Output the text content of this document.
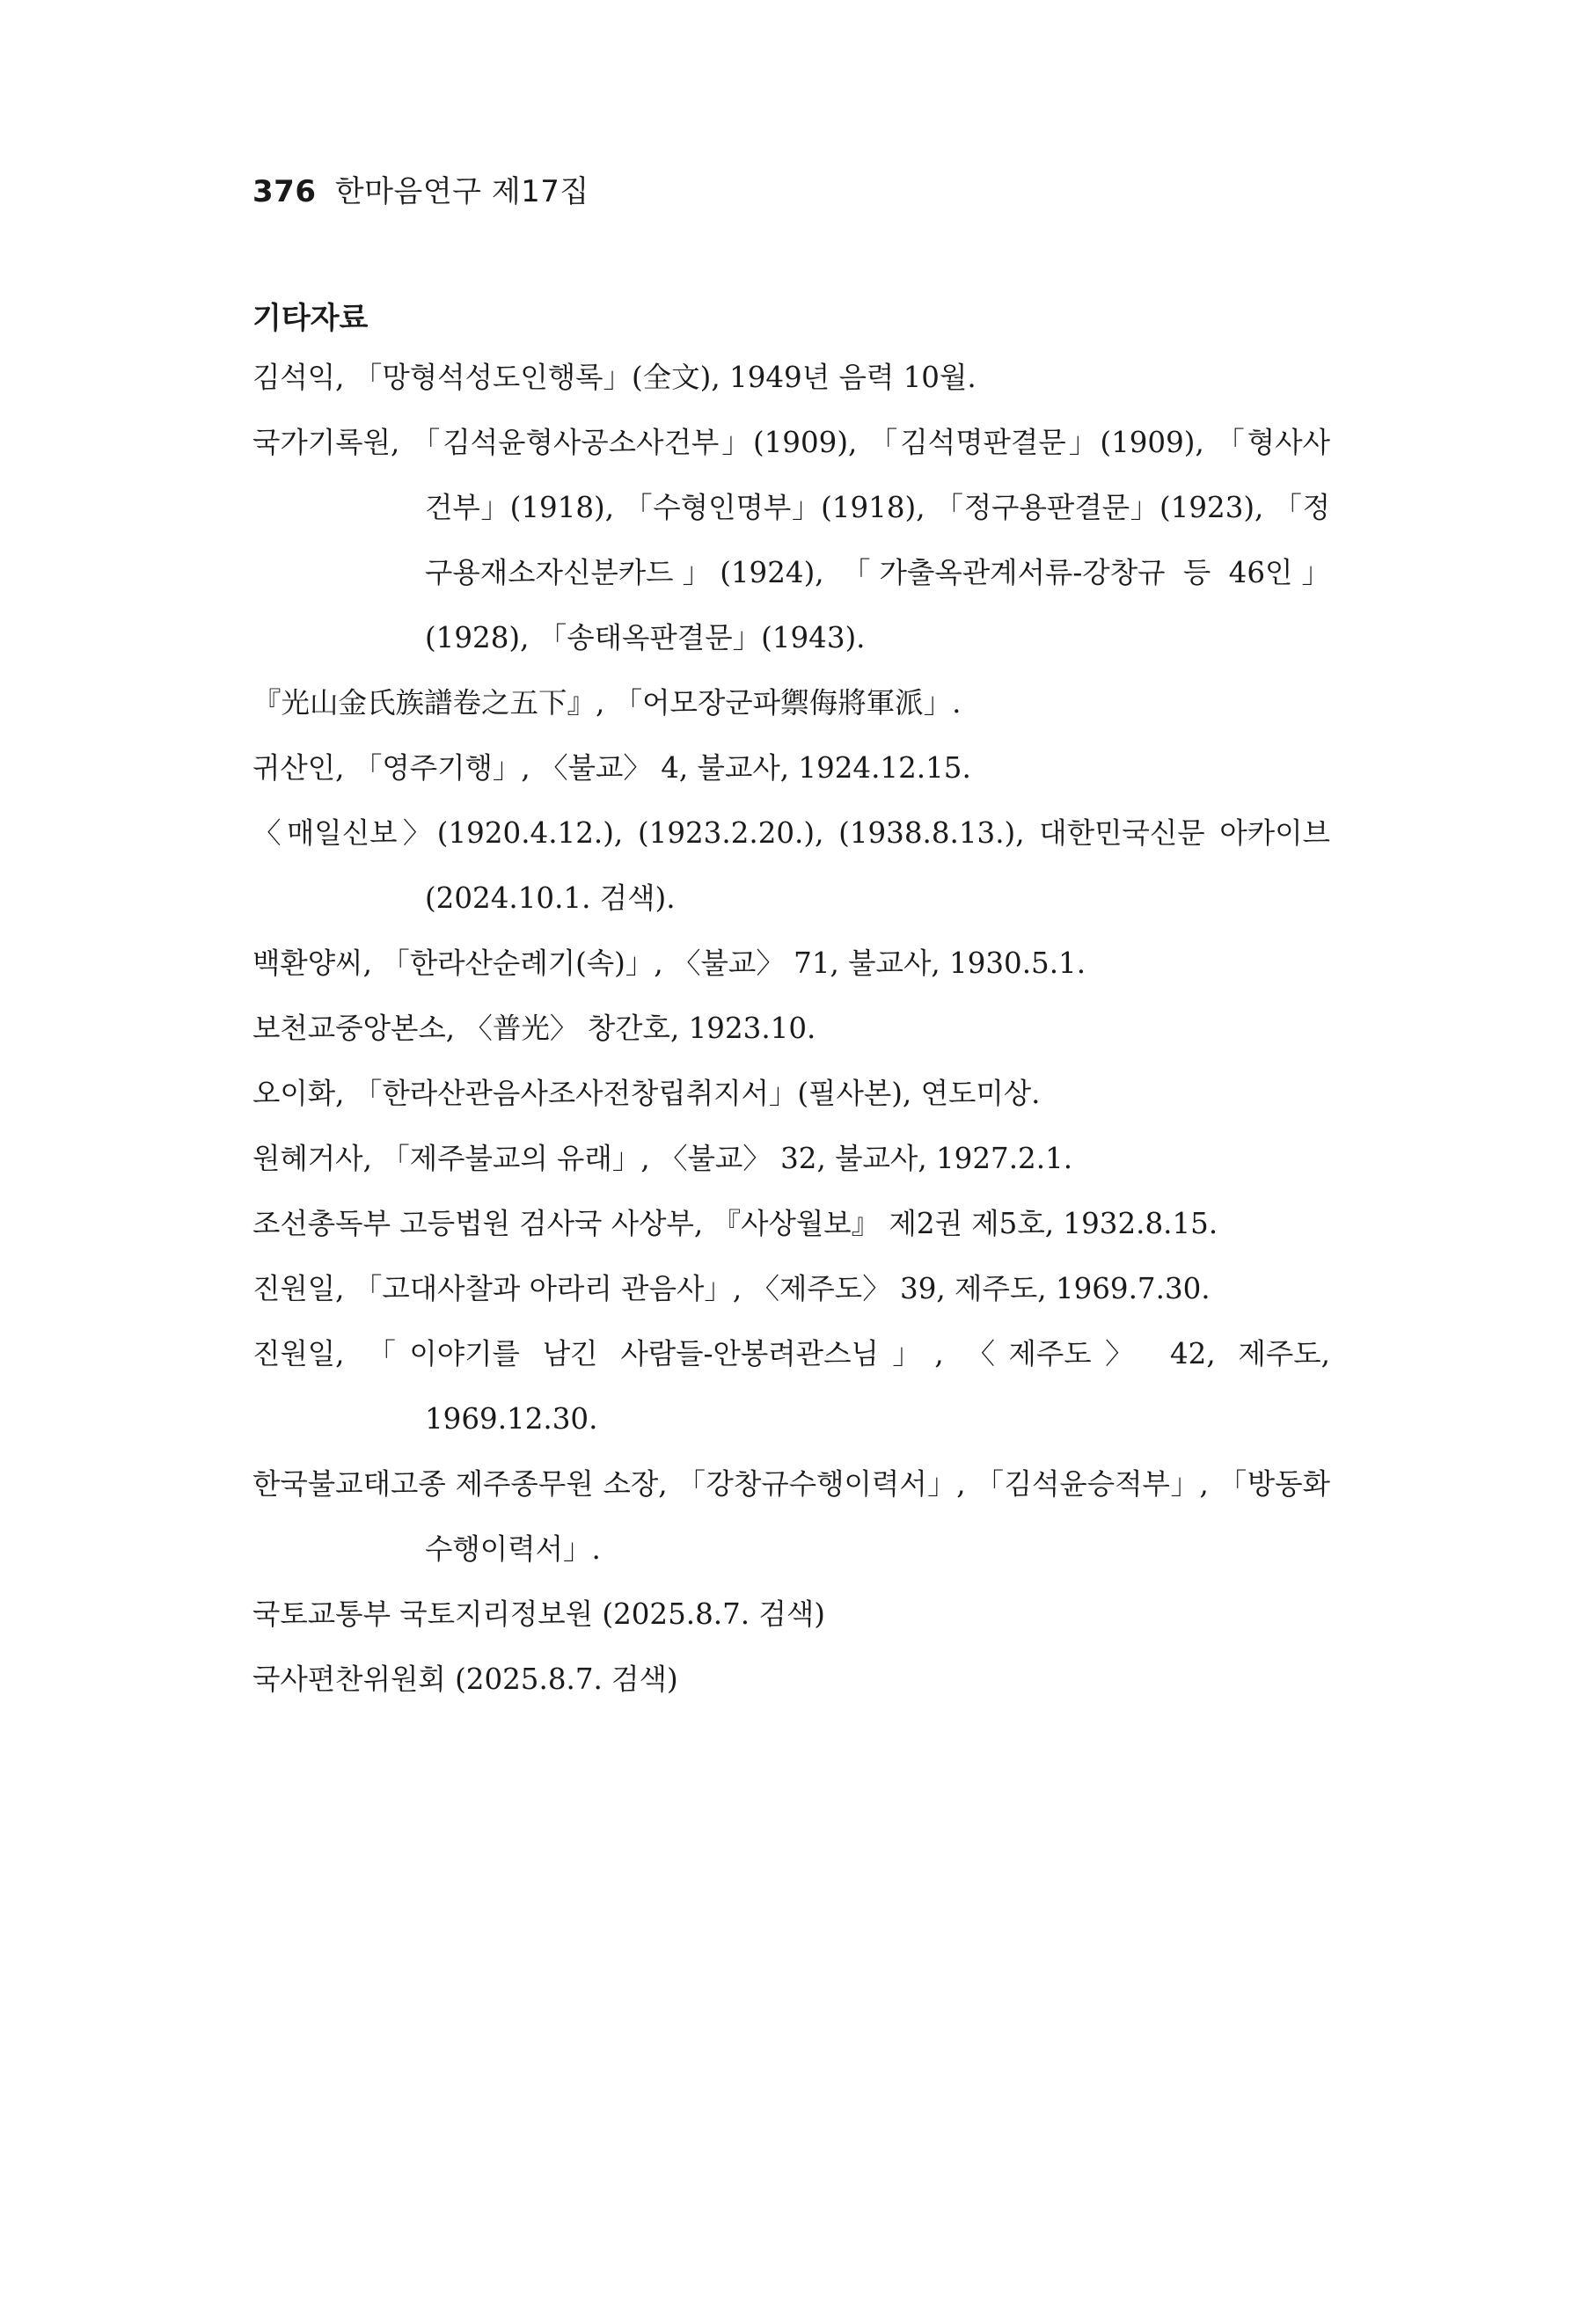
376 한마음연구 제17집
기타자료
김석익, 「망형석성도인행록」(全文), 1949년 음력 10월.
국가기록원, 「김석윤형사공소사건부」(1909), 「김석명판결문」(1909), 「형사사건부」(1918), 「수형인명부」(1918), 「정구용판결문」(1923), 「정구용재소자신분카드」(1924), 「가출옥관계서류-강창규 등 46인」(1928), 「송태옥판결문」(1943).
『光山金氏族譜卷之五下』, 「어모장군파禦侮將軍派」.
귀산인, 「영주기행」, 〈불교〉 4, 불교사, 1924.12.15.
〈매일신보〉(1920.4.12.), (1923.2.20.), (1938.8.13.), 대한민국신문 아카이브 (2024.10.1. 검색).
백환양씨, 「한라산순례기(속)」, 〈불교〉 71, 불교사, 1930.5.1.
보천교중앙본소, 〈普光〉 창간호, 1923.10.
오이화, 「한라산관음사조사전창립취지서」(필사본), 연도미상.
원혜거사, 「제주불교의 유래」, 〈불교〉 32, 불교사, 1927.2.1.
조선총독부 고등법원 검사국 사상부, 『사상월보』 제2권 제5호, 1932.8.15.
진원일, 「고대사찰과 아라리 관음사」, 〈제주도〉 39, 제주도, 1969.7.30.
진원일, 「이야기를 남긴 사람들-안봉려관스님」, 〈제주도〉 42, 제주도, 1969.12.30.
한국불교태고종 제주종무원 소장, 「강창규수행이력서」, 「김석윤승적부」, 「방동화수행이력서」.
국토교통부 국토지리정보원 (2025.8.7. 검색)
국사편찬위원회 (2025.8.7. 검색)
